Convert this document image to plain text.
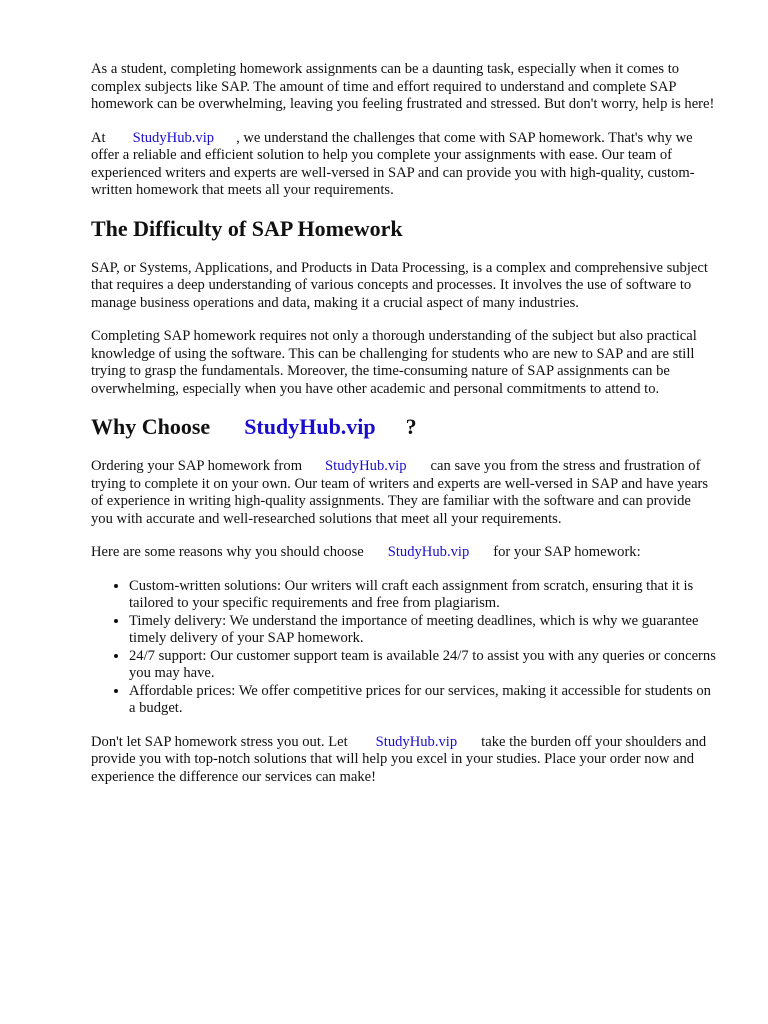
As a student, completing homework assignments can be a daunting task, especially when it comes to complex subjects like SAP. The amount of time and effort required to understand and complete SAP homework can be overwhelming, leaving you feeling frustrated and stressed. But don't worry, help is here!

At StudyHub.vip , we understand the challenges that come with SAP homework. That's why we offer a reliable and efficient solution to help you complete your assignments with ease. Our team of experienced writers and experts are well-versed in SAP and can provide you with high-quality, custom-written homework that meets all your requirements.

The Difficulty of SAP Homework

SAP, or Systems, Applications, and Products in Data Processing, is a complex and comprehensive subject that requires a deep understanding of various concepts and processes. It involves the use of software to manage business operations and data, making it a crucial aspect of many industries.

Completing SAP homework requires not only a thorough understanding of the subject but also practical knowledge of using the software. This can be challenging for students who are new to SAP and are still trying to grasp the fundamentals. Moreover, the time-consuming nature of SAP assignments can be overwhelming, especially when you have other academic and personal commitments to attend to.

Why Choose StudyHub.vip ?

Ordering your SAP homework from StudyHub.vip can save you from the stress and frustration of trying to complete it on your own. Our team of writers and experts are well-versed in SAP and have years of experience in writing high-quality assignments. They are familiar with the software and can provide you with accurate and well-researched solutions that meet all your requirements.

Here are some reasons why you should choose StudyHub.vip for your SAP homework:

• Custom-written solutions: Our writers will craft each assignment from scratch, ensuring that it is tailored to your specific requirements and free from plagiarism.
• Timely delivery: We understand the importance of meeting deadlines, which is why we guarantee timely delivery of your SAP homework.
• 24/7 support: Our customer support team is available 24/7 to assist you with any queries or concerns you may have.
• Affordable prices: We offer competitive prices for our services, making it accessible for students on a budget.

Don't let SAP homework stress you out. Let StudyHub.vip take the burden off your shoulders and provide you with top-notch solutions that will help you excel in your studies. Place your order now and experience the difference our services can make!
